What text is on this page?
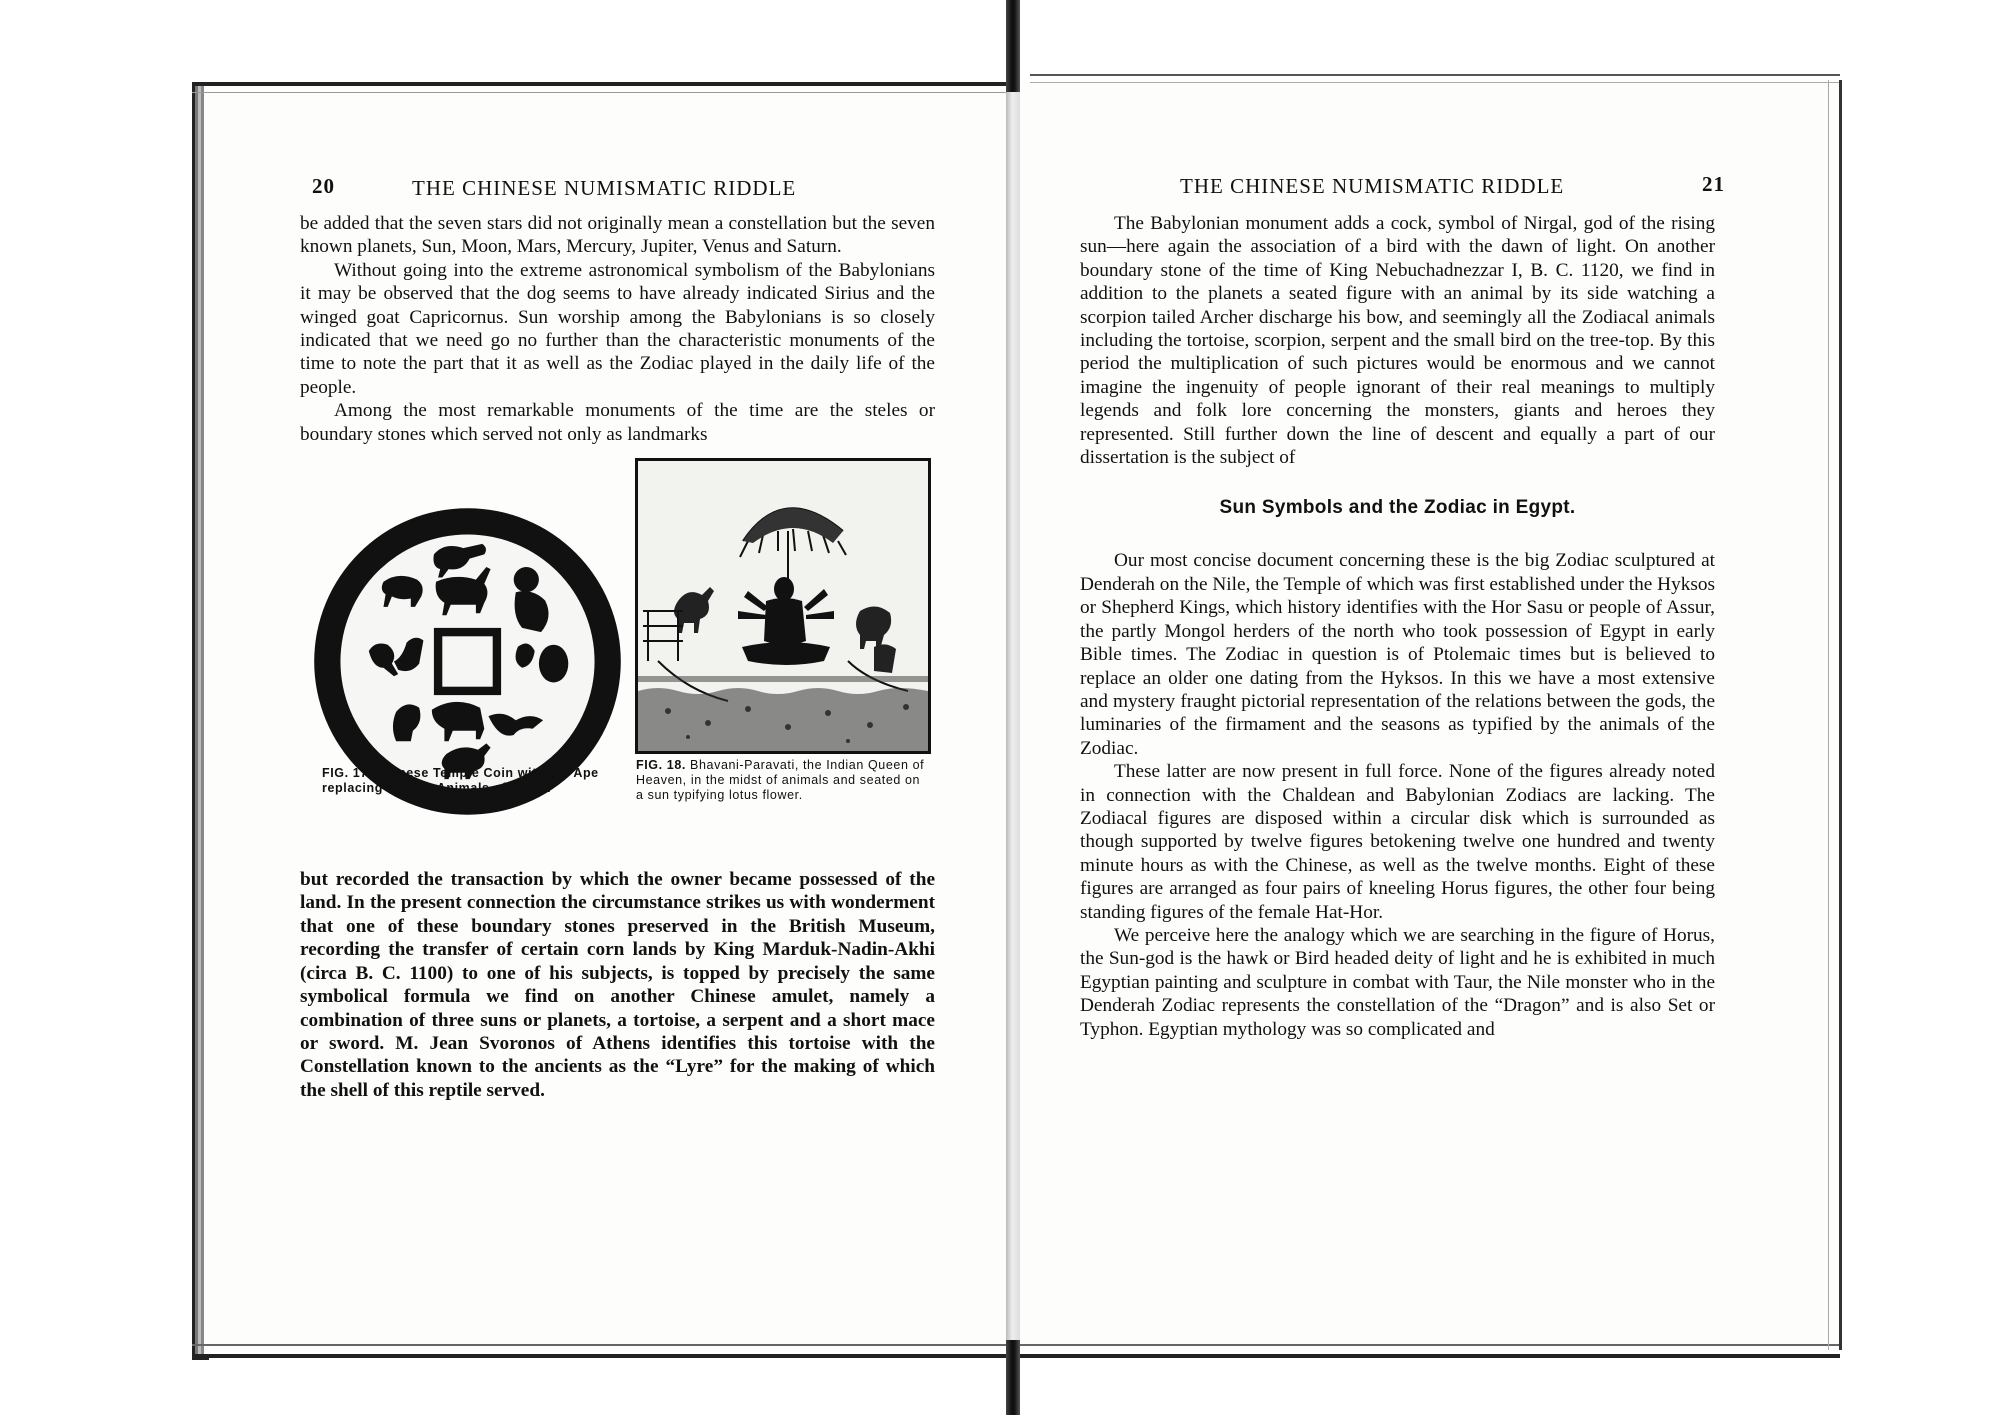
20	THE CHINESE NUMISMATIC RIDDLE

be added that the seven stars did not originally mean a constellation but the seven known planets, Sun, Moon, Mars, Mercury, Jupiter, Venus and Saturn.

Without going into the extreme astronomical symbolism of the Babylonians it may be observed that the dog seems to have already indicated Sirius and the winged goat Capricornus. Sun worship among the Babylonians is so closely indicated that we need go no further than the characteristic monuments of the time to note the part that it as well as the Zodiac played in the daily life of the people.

Among the most remarkable monuments of the time are the steles or boundary stones which served not only as landmarks

FIG. 17. Chinese Temple Coin with the Ape replacing Apollo, Animals of Cycle.
FIG. 18. Bhavani-Paravati, the Indian Queen of Heaven, in the midst of animals and seated on a sun typifying lotus flower.

but recorded the transaction by which the owner became possessed of the land. In the present connection the circumstance strikes us with wonderment that one of these boundary stones preserved in the British Museum, recording the transfer of certain corn lands by King Marduk-Nadin-Akhi (circa B. C. 1100) to one of his subjects, is topped by precisely the same symbolical formula we find on another Chinese amulet, namely a combination of three suns or planets, a tortoise, a serpent and a short mace or sword. M. Jean Svoronos of Athens identifies this tortoise with the Constellation known to the ancients as the “Lyre” for the making of which the shell of this reptile served.

THE CHINESE NUMISMATIC RIDDLE	21

The Babylonian monument adds a cock, symbol of Nirgal, god of the rising sun—here again the association of a bird with the dawn of light. On another boundary stone of the time of King Nebuchadnezzar I, B. C. 1120, we find in addition to the planets a seated figure with an animal by its side watching a scorpion tailed Archer discharge his bow, and seemingly all the Zodiacal animals including the tortoise, scorpion, serpent and the small bird on the tree-top. By this period the multiplication of such pictures would be enormous and we cannot imagine the ingenuity of people ignorant of their real meanings to multiply legends and folk lore concerning the monsters, giants and heroes they represented. Still further down the line of descent and equally a part of our dissertation is the subject of

Sun Symbols and the Zodiac in Egypt.

Our most concise document concerning these is the big Zodiac sculptured at Denderah on the Nile, the Temple of which was first established under the Hyksos or Shepherd Kings, which history identifies with the Hor Sasu or people of Assur, the partly Mongol herders of the north who took possession of Egypt in early Bible times. The Zodiac in question is of Ptolemaic times but is believed to replace an older one dating from the Hyksos. In this we have a most extensive and mystery fraught pictorial representation of the relations between the gods, the luminaries of the firmament and the seasons as typified by the animals of the Zodiac.

These latter are now present in full force. None of the figures already noted in connection with the Chaldean and Babylonian Zodiacs are lacking. The Zodiacal figures are disposed within a circular disk which is surrounded as though supported by twelve figures betokening twelve one hundred and twenty minute hours as with the Chinese, as well as the twelve months. Eight of these figures are arranged as four pairs of kneeling Horus figures, the other four being standing figures of the female Hat-Hor.

We perceive here the analogy which we are searching in the figure of Horus, the Sun-god is the hawk or Bird headed deity of light and he is exhibited in much Egyptian painting and sculpture in combat with Taur, the Nile monster who in the Denderah Zodiac represents the constellation of the “Dragon” and is also Set or Typhon. Egyptian mythology was so complicated and
